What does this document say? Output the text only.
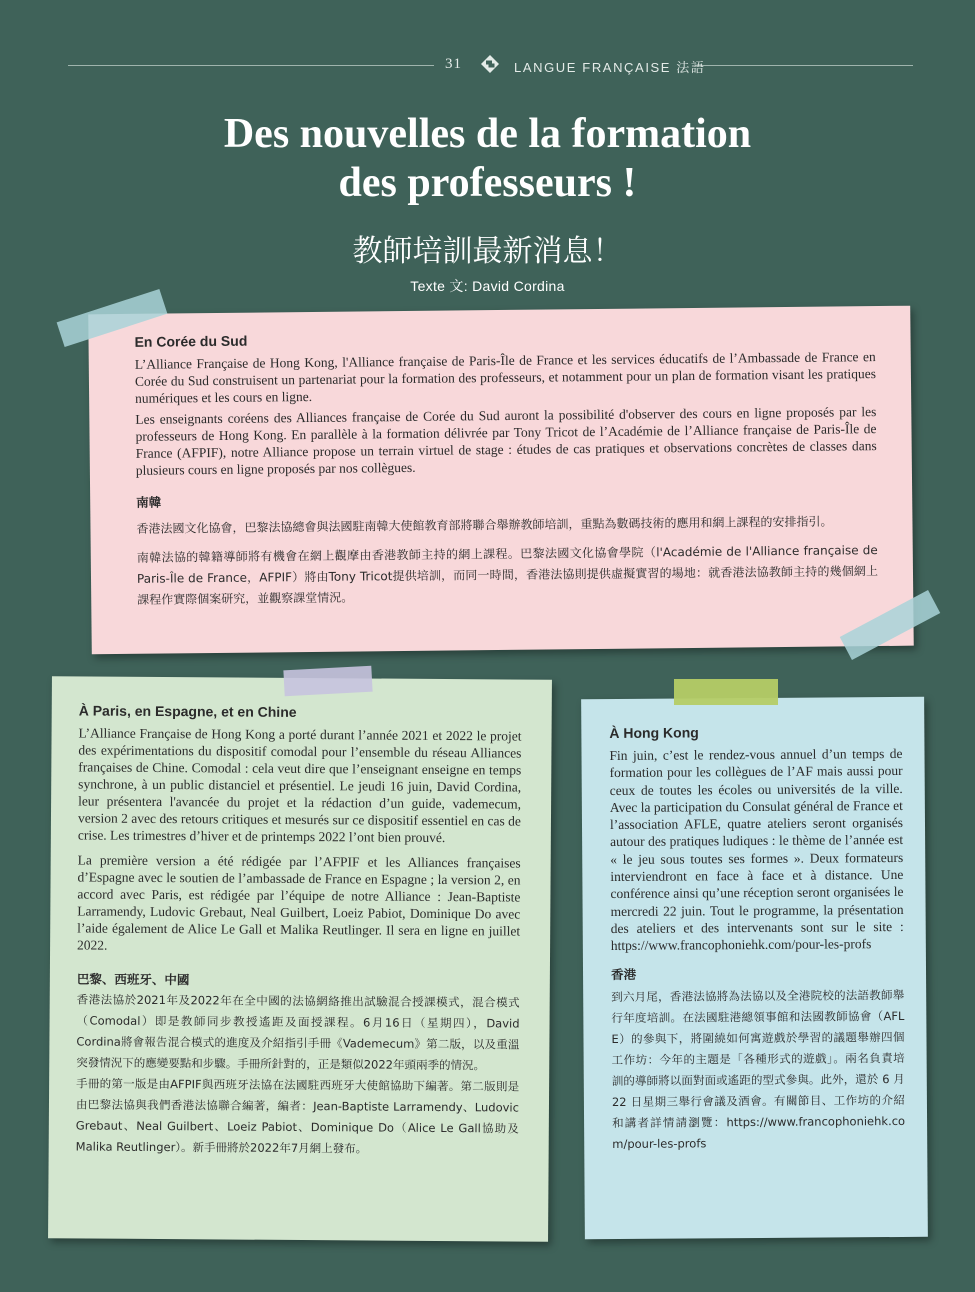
31	LANGUE FRANÇAISE 法語
Des nouvelles de la formation
des professeurs !
教師培訓最新消息！
Texte 文: David Cordina
En Corée du Sud

L’Alliance Française de Hong Kong, l'Alliance française de Paris-Île de France et les services éducatifs de l’Ambassade de France en Corée du Sud construisent un partenariat pour la formation des professeurs, et notamment pour un plan de formation visant les pratiques numériques et les cours en ligne.

Les enseignants coréens des Alliances française de Corée du Sud auront la possibilité d'observer des cours en ligne proposés par les professeurs de Hong Kong. En parallèle à la formation délivrée par Tony Tricot de l’Académie de l’Alliance française de Paris-Île de France (AFPIF), notre Alliance propose un terrain virtuel de stage : études de cas pratiques et observations concrètes de classes dans plusieurs cours en ligne proposés par nos collègues.

南韓

香港法國文化協會，巴黎法協總會與法國駐南韓大使館教育部將聯合舉辦教師培訓，重點為數碼技術的應用和網上課程的安排指引。

南韓法協的韓籍導師將有機會在網上觀摩由香港教師主持的網上課程。巴黎法國文化協會學院（l'Académie de l'Alliance française de Paris-Île de France，AFPIF）將由Tony Tricot提供培訓，而同一時間，香港法協則提供虛擬實習的場地：就香港法協教師主持的幾個網上課程作實際個案研究，並觀察課堂情況。

À Paris, en Espagne, et en Chine

L’Alliance Française de Hong Kong a porté durant l’année 2021 et 2022 le projet des expérimentations du dispositif comodal pour l’ensemble du réseau Alliances françaises de Chine. Comodal : cela veut dire que l’enseignant enseigne en temps synchrone, à un public distanciel et présentiel. Le jeudi 16 juin, David Cordina, leur présentera l'avancée du projet et la rédaction d’un guide, vademecum, version 2 avec des retours critiques et mesurés sur ce dispositif essentiel en cas de crise. Les trimestres d’hiver et de printemps 2022 l’ont bien prouvé.

La première version a été rédigée par l’AFPIF et les Alliances françaises d’Espagne avec le soutien de l’ambassade de France en Espagne ; la version 2, en accord avec Paris, est rédigée par l’équipe de notre Alliance : Jean-Baptiste Larramendy, Ludovic Grebaut, Neal Guilbert, Loeiz Pabiot, Dominique Do avec l’aide également de Alice Le Gall et Malika Reutlinger. Il sera en ligne en juillet 2022.

巴黎、西班牙、中國

香港法協於2021年及2022年在全中國的法協網絡推出試驗混合授課模式，混合模式（Comodal）即是教師同步教授遙距及面授課程。6月16日（星期四），David Cordina將會報告混合模式的進度及介紹指引手冊《Vademecum》第二版，以及重溫突發情況下的應變要點和步驟。手冊所針對的，正是類似2022年頭兩季的情況。

手冊的第一版是由AFPIF與西班牙法協在法國駐西班牙大使館協助下編著。第二版則是由巴黎法協與我們香港法協聯合編著，編者：Jean-Baptiste Larramendy、Ludovic Grebaut、Neal Guilbert、Loeiz Pabiot、Dominique Do（Alice Le Gall協助及Malika Reutlinger）。新手冊將於2022年7月網上發布。

À Hong Kong

Fin juin, c’est le rendez-vous annuel d’un temps de formation pour les collègues de l’AF mais aussi pour ceux de toutes les écoles ou universités de la ville. Avec la participation du Consulat général de France et l’association AFLE, quatre ateliers seront organisés autour des pratiques ludiques : le thème de l’année est « le jeu sous toutes ses formes ». Deux formateurs interviendront en face à face et à distance. Une conférence ainsi qu’une réception seront organisées le mercredi 22 juin. Tout le programme, la présentation des ateliers et des intervenants sont sur le site : https://www.francophoniehk.com/pour-les-profs

香港

到六月尾，香港法協將為法協以及全港院校的法語教師舉行年度培訓。在法國駐港總領事館和法國教師協會（AFLE）的參與下，將圍繞如何寓遊戲於學習的議題舉辦四個工作坊：今年的主題是「各種形式的遊戲」。兩名負責培訓的導師將以面對面或遙距的型式參與。此外，還於 6 月 22 日星期三舉行會議及酒會。有關節目、工作坊的介紹和講者詳情請瀏覽：https://www.francophoniehk.com/pour-les-profs
